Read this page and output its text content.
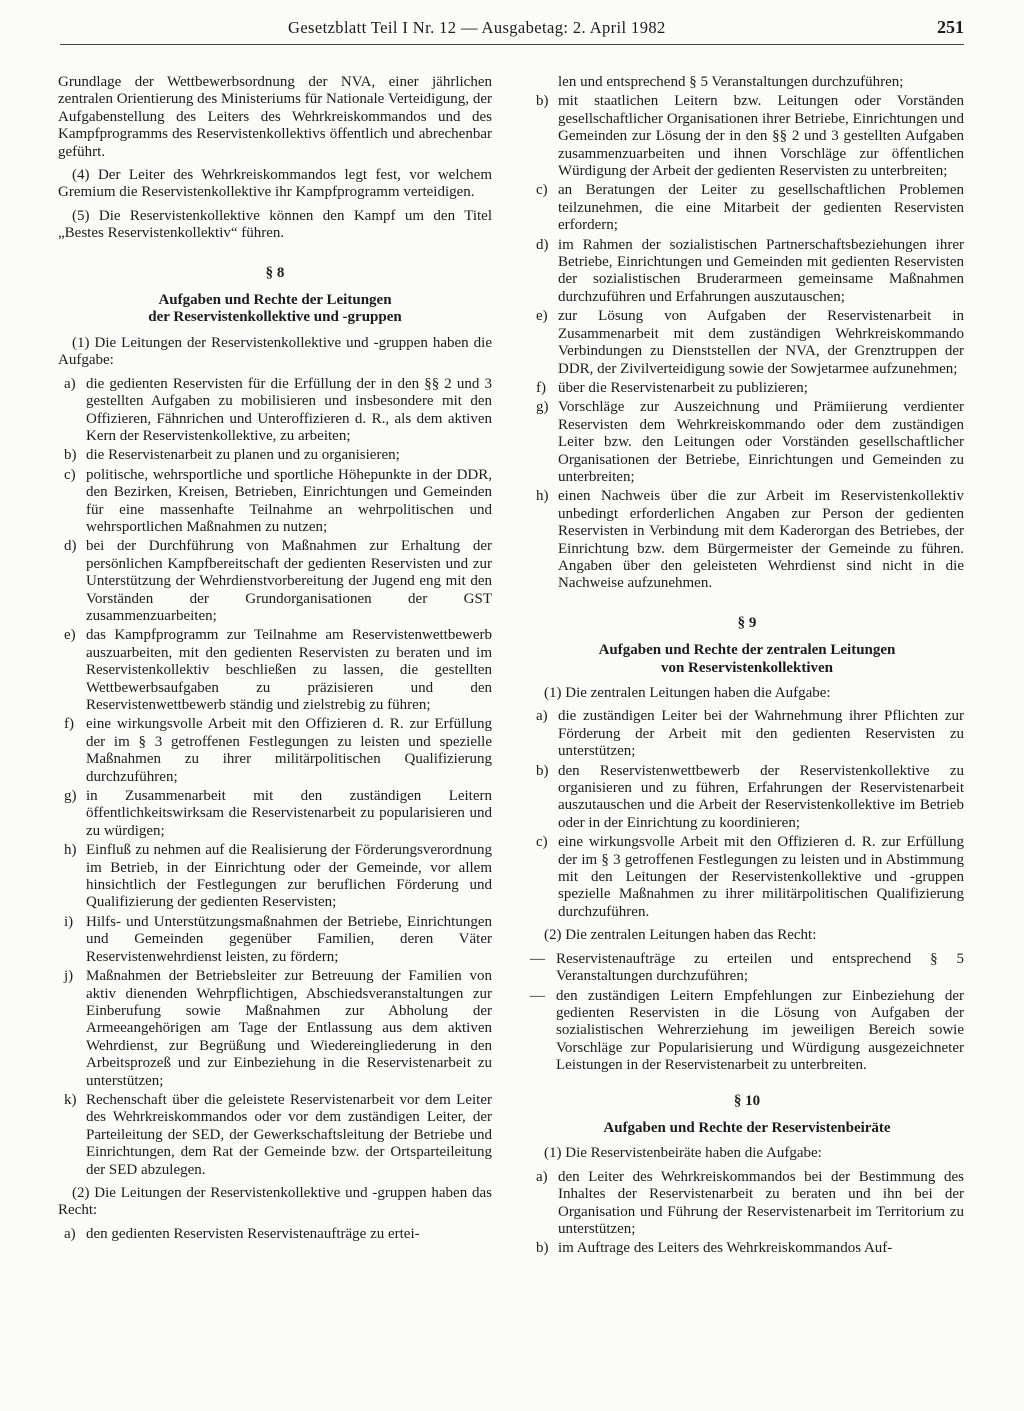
Gesetzblatt Teil I Nr. 12 — Ausgabetag: 2. April 1982	251
Grundlage der Wettbewerbsordnung der NVA, einer jährlichen zentralen Orientierung des Ministeriums für Nationale Verteidigung, der Aufgabenstellung des Leiters des Wehrkreiskommandos und des Kampfprogramms des Reservistenkollektivs öffentlich und abrechenbar geführt.
(4) Der Leiter des Wehrkreiskommandos legt fest, vor welchem Gremium die Reservistenkollektive ihr Kampfprogramm verteidigen.
(5) Die Reservistenkollektive können den Kampf um den Titel „Bestes Reservistenkollektiv“ führen.
§ 8
Aufgaben und Rechte der Leitungen
der Reservistenkollektive und -gruppen
(1) Die Leitungen der Reservistenkollektive und -gruppen haben die Aufgabe:
a) die gedienten Reservisten für die Erfüllung der in den §§ 2 und 3 gestellten Aufgaben zu mobilisieren und insbesondere mit den Offizieren, Fähnrichen und Unteroffizieren d. R., als dem aktiven Kern der Reservistenkollektive, zu arbeiten;
b) die Reservistenarbeit zu planen und zu organisieren;
c) politische, wehrsportliche und sportliche Höhepunkte in der DDR, den Bezirken, Kreisen, Betrieben, Einrichtungen und Gemeinden für eine massenhafte Teilnahme an wehrpolitischen und wehrsportlichen Maßnahmen zu nutzen;
d) bei der Durchführung von Maßnahmen zur Erhaltung der persönlichen Kampfbereitschaft der gedienten Reservisten und zur Unterstützung der Wehrdienstvorbereitung der Jugend eng mit den Vorständen der Grundorganisationen der GST zusammenzuarbeiten;
e) das Kampfprogramm zur Teilnahme am Reservistenwettbewerb auszuarbeiten, mit den gedienten Reservisten zu beraten und im Reservistenkollektiv beschließen zu lassen, die gestellten Wettbewerbsaufgaben zu präzisieren und den Reservistenwettbewerb ständig und zielstrebig zu führen;
f) eine wirkungsvolle Arbeit mit den Offizieren d. R. zur Erfüllung der im § 3 getroffenen Festlegungen zu leisten und spezielle Maßnahmen zu ihrer militärpolitischen Qualifizierung durchzuführen;
g) in Zusammenarbeit mit den zuständigen Leitern öffentlichkeitswirksam die Reservistenarbeit zu popularisieren und zu würdigen;
h) Einfluß zu nehmen auf die Realisierung der Förderungsverordnung im Betrieb, in der Einrichtung oder der Gemeinde, vor allem hinsichtlich der Festlegungen zur beruflichen Förderung und Qualifizierung der gedienten Reservisten;
i) Hilfs- und Unterstützungsmaßnahmen der Betriebe, Einrichtungen und Gemeinden gegenüber Familien, deren Väter Reservistenwehrdienst leisten, zu fördern;
j) Maßnahmen der Betriebsleiter zur Betreuung der Familien von aktiv dienenden Wehrpflichtigen, Abschiedsveranstaltungen zur Einberufung sowie Maßnahmen zur Abholung der Armeeangehörigen am Tage der Entlassung aus dem aktiven Wehrdienst, zur Begrüßung und Wiedereingliederung in den Arbeitsprozeß und zur Einbeziehung in die Reservistenarbeit zu unterstützen;
k) Rechenschaft über die geleistete Reservistenarbeit vor dem Leiter des Wehrkreiskommandos oder vor dem zuständigen Leiter, der Parteileitung der SED, der Gewerkschaftsleitung der Betriebe und Einrichtungen, dem Rat der Gemeinde bzw. der Ortsparteileitung der SED abzulegen.
(2) Die Leitungen der Reservistenkollektive und -gruppen haben das Recht:
a) den gedienten Reservisten Reservistenaufträge zu ertei-
len und entsprechend § 5 Veranstaltungen durchzuführen;
b) mit staatlichen Leitern bzw. Leitungen oder Vorständen gesellschaftlicher Organisationen ihrer Betriebe, Einrichtungen und Gemeinden zur Lösung der in den §§ 2 und 3 gestellten Aufgaben zusammenzuarbeiten und ihnen Vorschläge zur öffentlichen Würdigung der Arbeit der gedienten Reservisten zu unterbreiten;
c) an Beratungen der Leiter zu gesellschaftlichen Problemen teilzunehmen, die eine Mitarbeit der gedienten Reservisten erfordern;
d) im Rahmen der sozialistischen Partnerschaftsbeziehungen ihrer Betriebe, Einrichtungen und Gemeinden mit gedienten Reservisten der sozialistischen Bruderarmeen gemeinsame Maßnahmen durchzuführen und Erfahrungen auszutauschen;
e) zur Lösung von Aufgaben der Reservistenarbeit in Zusammenarbeit mit dem zuständigen Wehrkreiskommando Verbindungen zu Dienststellen der NVA, der Grenztruppen der DDR, der Zivilverteidigung sowie der Sowjetarmee aufzunehmen;
f) über die Reservistenarbeit zu publizieren;
g) Vorschläge zur Auszeichnung und Prämiierung verdienter Reservisten dem Wehrkreiskommando oder dem zuständigen Leiter bzw. den Leitungen oder Vorständen gesellschaftlicher Organisationen der Betriebe, Einrichtungen und Gemeinden zu unterbreiten;
h) einen Nachweis über die zur Arbeit im Reservistenkollektiv unbedingt erforderlichen Angaben zur Person der gedienten Reservisten in Verbindung mit dem Kaderorgan des Betriebes, der Einrichtung bzw. dem Bürgermeister der Gemeinde zu führen. Angaben über den geleisteten Wehrdienst sind nicht in die Nachweise aufzunehmen.
§ 9
Aufgaben und Rechte der zentralen Leitungen
von Reservistenkollektiven
(1) Die zentralen Leitungen haben die Aufgabe:
a) die zuständigen Leiter bei der Wahrnehmung ihrer Pflichten zur Förderung der Arbeit mit den gedienten Reservisten zu unterstützen;
b) den Reservistenwettbewerb der Reservistenkollektive zu organisieren und zu führen, Erfahrungen der Reservistenarbeit auszutauschen und die Arbeit der Reservistenkollektive im Betrieb oder in der Einrichtung zu koordinieren;
c) eine wirkungsvolle Arbeit mit den Offizieren d. R. zur Erfüllung der im § 3 getroffenen Festlegungen zu leisten und in Abstimmung mit den Leitungen der Reservistenkollektive und -gruppen spezielle Maßnahmen zu ihrer militärpolitischen Qualifizierung durchzuführen.
(2) Die zentralen Leitungen haben das Recht:
— Reservistenaufträge zu erteilen und entsprechend § 5 Veranstaltungen durchzuführen;
— den zuständigen Leitern Empfehlungen zur Einbeziehung der gedienten Reservisten in die Lösung von Aufgaben der sozialistischen Wehrerziehung im jeweiligen Bereich sowie Vorschläge zur Popularisierung und Würdigung ausgezeichneter Leistungen in der Reservistenarbeit zu unterbreiten.
§ 10
Aufgaben und Rechte der Reservistenbeiräte
(1) Die Reservistenbeiräte haben die Aufgabe:
a) den Leiter des Wehrkreiskommandos bei der Bestimmung des Inhaltes der Reservistenarbeit zu beraten und ihn bei der Organisation und Führung der Reservistenarbeit im Territorium zu unterstützen;
b) im Auftrage des Leiters des Wehrkreiskommandos Auf-
